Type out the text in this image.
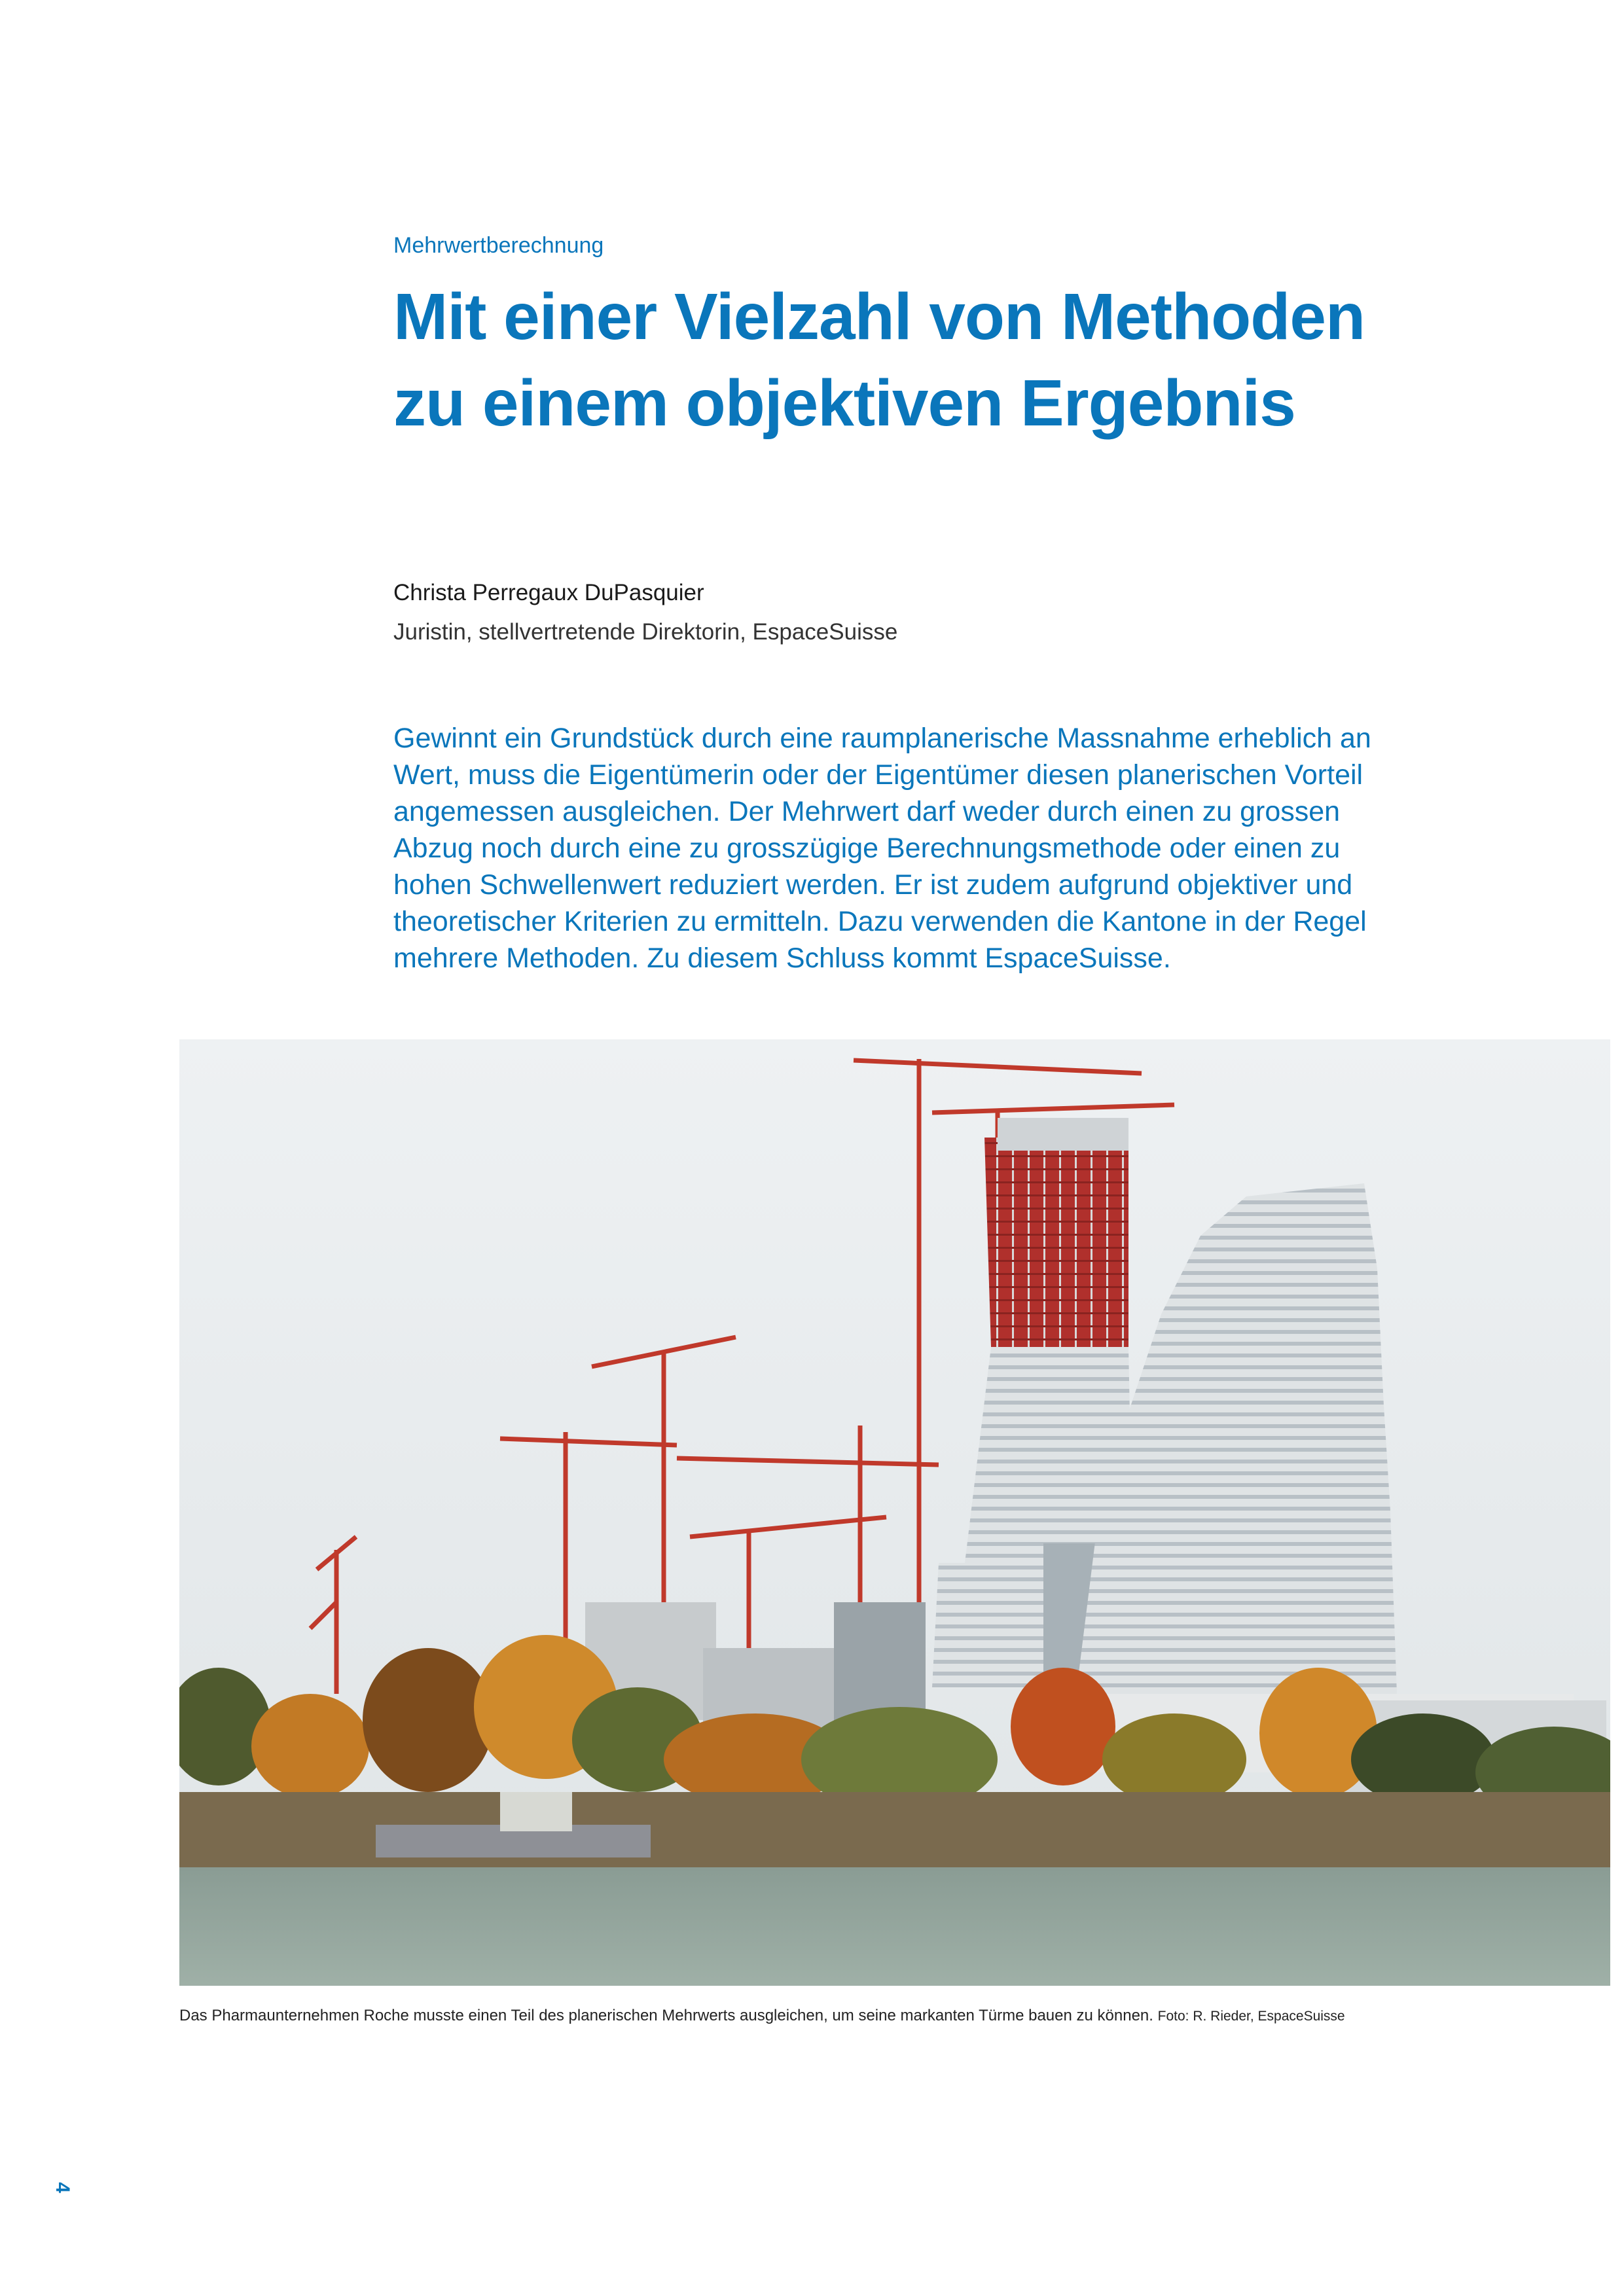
Mehrwertberechnung
Mit einer Vielzahl von Methoden zu einem objektiven Ergebnis
Christa Perregaux DuPasquier
Juristin, stellvertretende Direktorin, EspaceSuisse

Gewinnt ein Grundstück durch eine raumplanerische Massnahme erheblich an Wert, muss die Eigentümerin oder der Eigentümer diesen planerischen Vorteil angemessen ausgleichen. Der Mehrwert darf weder durch einen zu grossen Abzug noch durch eine zu grosszügige Berechnungsmethode oder einen zu hohen Schwellenwert reduziert werden. Er ist zudem aufgrund objektiver und theoretischer Kriterien zu ermitteln. Dazu verwenden die Kantone in der Regel mehrere Methoden. Zu diesem Schluss kommt EspaceSuisse.

Das Pharmaunternehmen Roche musste einen Teil des planerischen Mehrwerts ausgleichen, um seine markanten Türme bauen zu können. Foto: R. Rieder, EspaceSuisse
4
